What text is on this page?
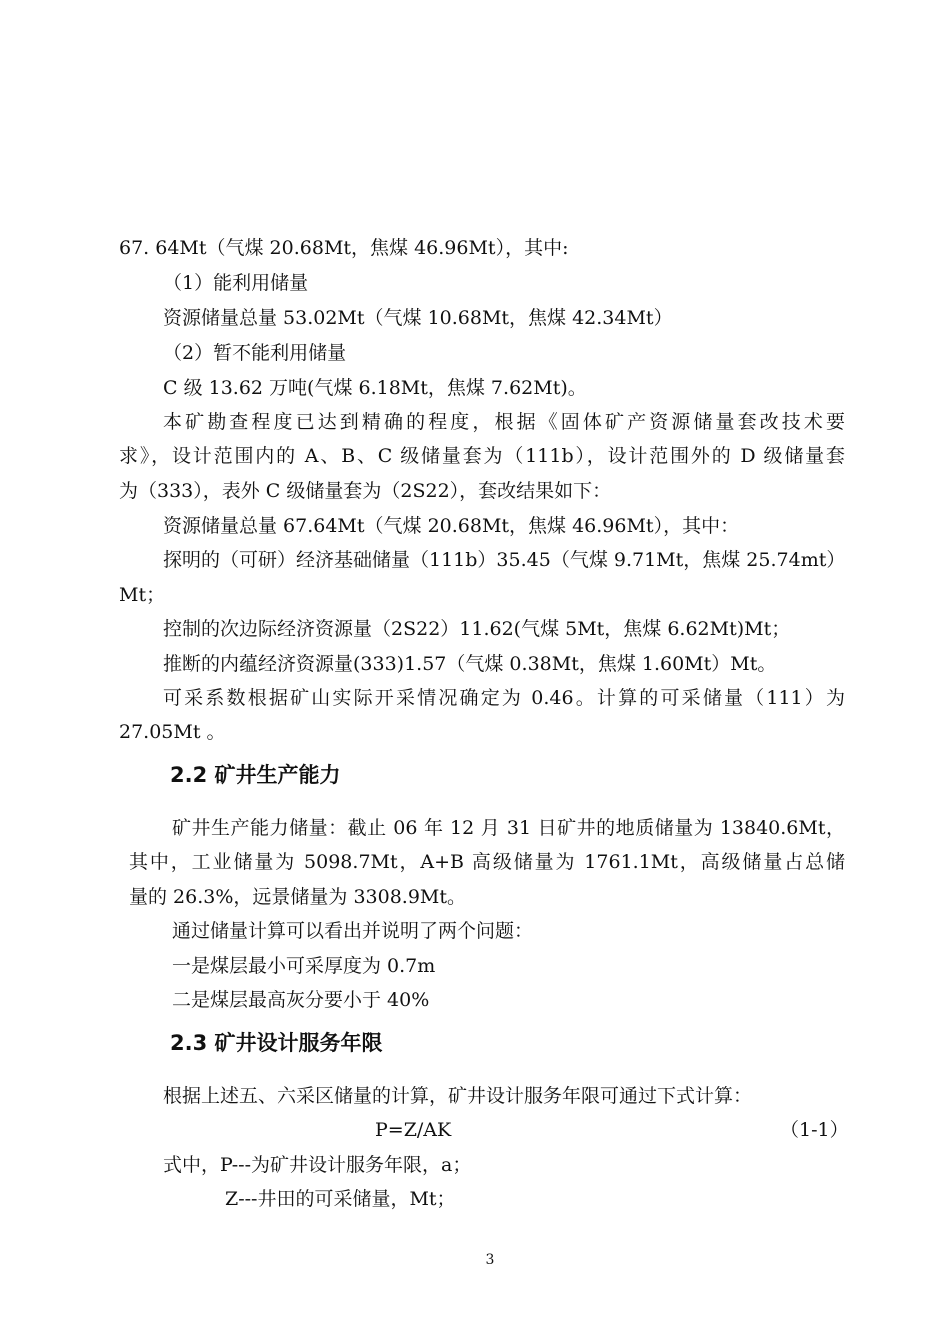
67. 64Mt（气煤 20.68Mt，焦煤 46.96Mt），其中:
（1）能利用储量
资源储量总量 53.02Mt（气煤 10.68Mt，焦煤 42.34Mt）
（2）暂不能利用储量
C 级 13.62 万吨(气煤 6.18Mt，焦煤 7.62Mt)。
本矿勘查程度已达到精确的程度，根据《固体矿产资源储量套改技术要
求》，设计范围内的 A、B、C 级储量套为（111b），设计范围外的 D 级储量套
为（333），表外 C 级储量套为（2S22），套改结果如下：
资源储量总量 67.64Mt（气煤 20.68Mt，焦煤 46.96Mt），其中：
探明的（可研）经济基础储量（111b）35.45（气煤 9.71Mt，焦煤 25.74mt）
Mt；
控制的次边际经济资源量（2S22）11.62(气煤 5Mt，焦煤 6.62Mt)Mt；
推断的内蕴经济资源量(333)1.57（气煤 0.38Mt，焦煤 1.60Mt）Mt。
可采系数根据矿山实际开采情况确定为 0.46。计算的可采储量（111）为
27.05Mt 。
2.2 矿井生产能力
矿井生产能力储量：截止 06 年 12 月 31 日矿井的地质储量为 13840.6Mt，
其中，工业储量为 5098.7Mt，A+B 高级储量为 1761.1Mt，高级储量占总储
量的 26.3%，远景储量为 3308.9Mt。
通过储量计算可以看出并说明了两个问题：
一是煤层最小可采厚度为 0.7m
二是煤层最高灰分要小于 40%
2.3 矿井设计服务年限
根据上述五、六采区储量的计算，矿井设计服务年限可通过下式计算：
P=Z/AK	（1-1）
式中，P---为矿井设计服务年限，a；
Z---井田的可采储量，Mt；
3
